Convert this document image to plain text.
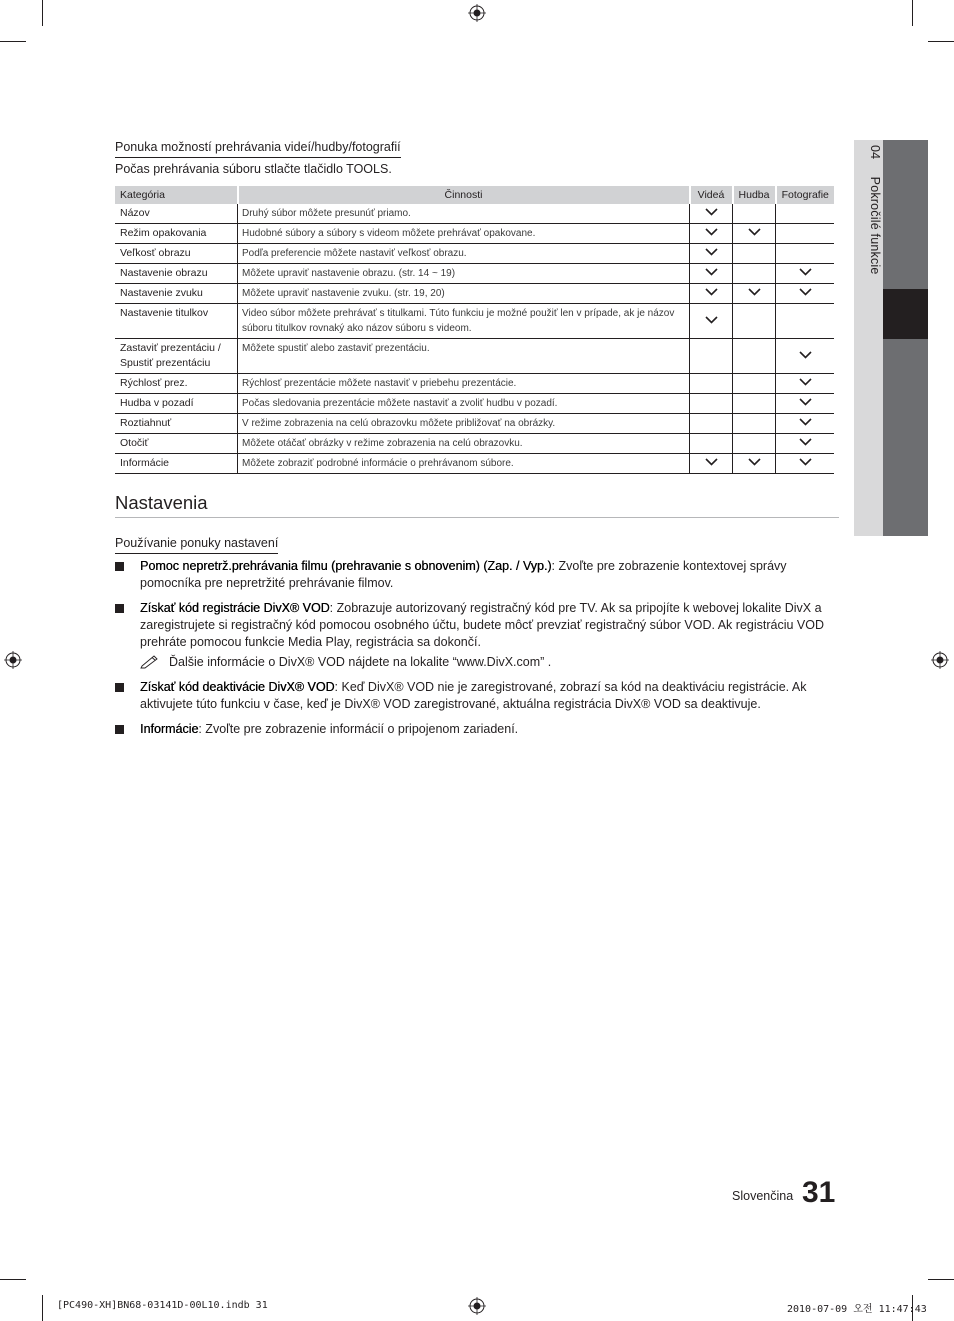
04  Pokročilé funkcie
Ponuka možností prehrávania videí/hudby/fotografií
Počas prehrávania súboru stlačte tlačidlo TOOLS.
Kategória	Činnosti	Videá	Hudba	Fotografie
Názov	Druhý súbor môžete presunúť priamo.	

Režim opakovania	Hudobné súbory a súbory s videom môžete prehrávať opakovane.	

Veľkosť obrazu	Podľa preferencie môžete nastaviť veľkosť obrazu.	

Nastavenie obrazu	Môžete upraviť nastavenie obrazu. (str. 14 ~ 19)	

Nastavenie zvuku	Môžete upraviť nastavenie zvuku. (str. 19, 20)	

Nastavenie titulkov	Video súbor môžete prehrávať s titulkami. Túto funkciu je možné použiť len v prípade, ak je názov súboru titulkov rovnaký ako názov súboru s videom.	

Zastaviť prezentáciu / Spustiť prezentáciu	Môžete spustiť alebo zastaviť prezentáciu.			

Rýchlosť prez.	Rýchlosť prezentácie môžete nastaviť v priebehu prezentácie.			

Hudba v pozadí	Počas sledovania prezentácie môžete nastaviť a zvoliť hudbu v pozadí.			

Roztiahnuť	V režime zobrazenia na celú obrazovku môžete približovať na obrázky.			

Otočiť	Môžete otáčať obrázky v režime zobrazenia na celú obrazovku.			

Informácie	Môžete zobraziť podrobné informácie o prehrávanom súbore.	

Nastavenia
Používanie ponuky nastavení
Pomoc nepretrž.prehrávania filmu (prehravanie s obnovenim) (Zap. / Vyp.): Zvoľte pre zobrazenie kontextovej správy pomocníka pre nepretržité prehrávanie filmov.
Získať kód registrácie DivX® VOD: Zobrazuje autorizovaný registračný kód pre TV. Ak sa pripojíte k webovej lokalite DivX a zaregistrujete si registračný kód pomocou osobného účtu, budete môcť prevziať registračný súbor VOD. Ak registráciu VOD prehráte pomocou funkcie Media Play, registrácia sa dokončí.
Ďalšie informácie o DivX® VOD nájdete na lokalite “www.DivX.com” .
Získať kód deaktivácie DivX® VOD: Keď DivX® VOD nie je zaregistrované, zobrazí sa kód na deaktiváciu registrácie. Ak aktivujete túto funkciu v čase, keď je DivX® VOD zaregistrované, aktuálna registrácia DivX® VOD sa deaktivuje.
Informácie: Zvoľte pre zobrazenie informácií o pripojenom zariadení.
Slovenčina 31
[PC490-XH]BN68-03141D-00L10.indb 31	2010-07-09 오전 11:47:43
